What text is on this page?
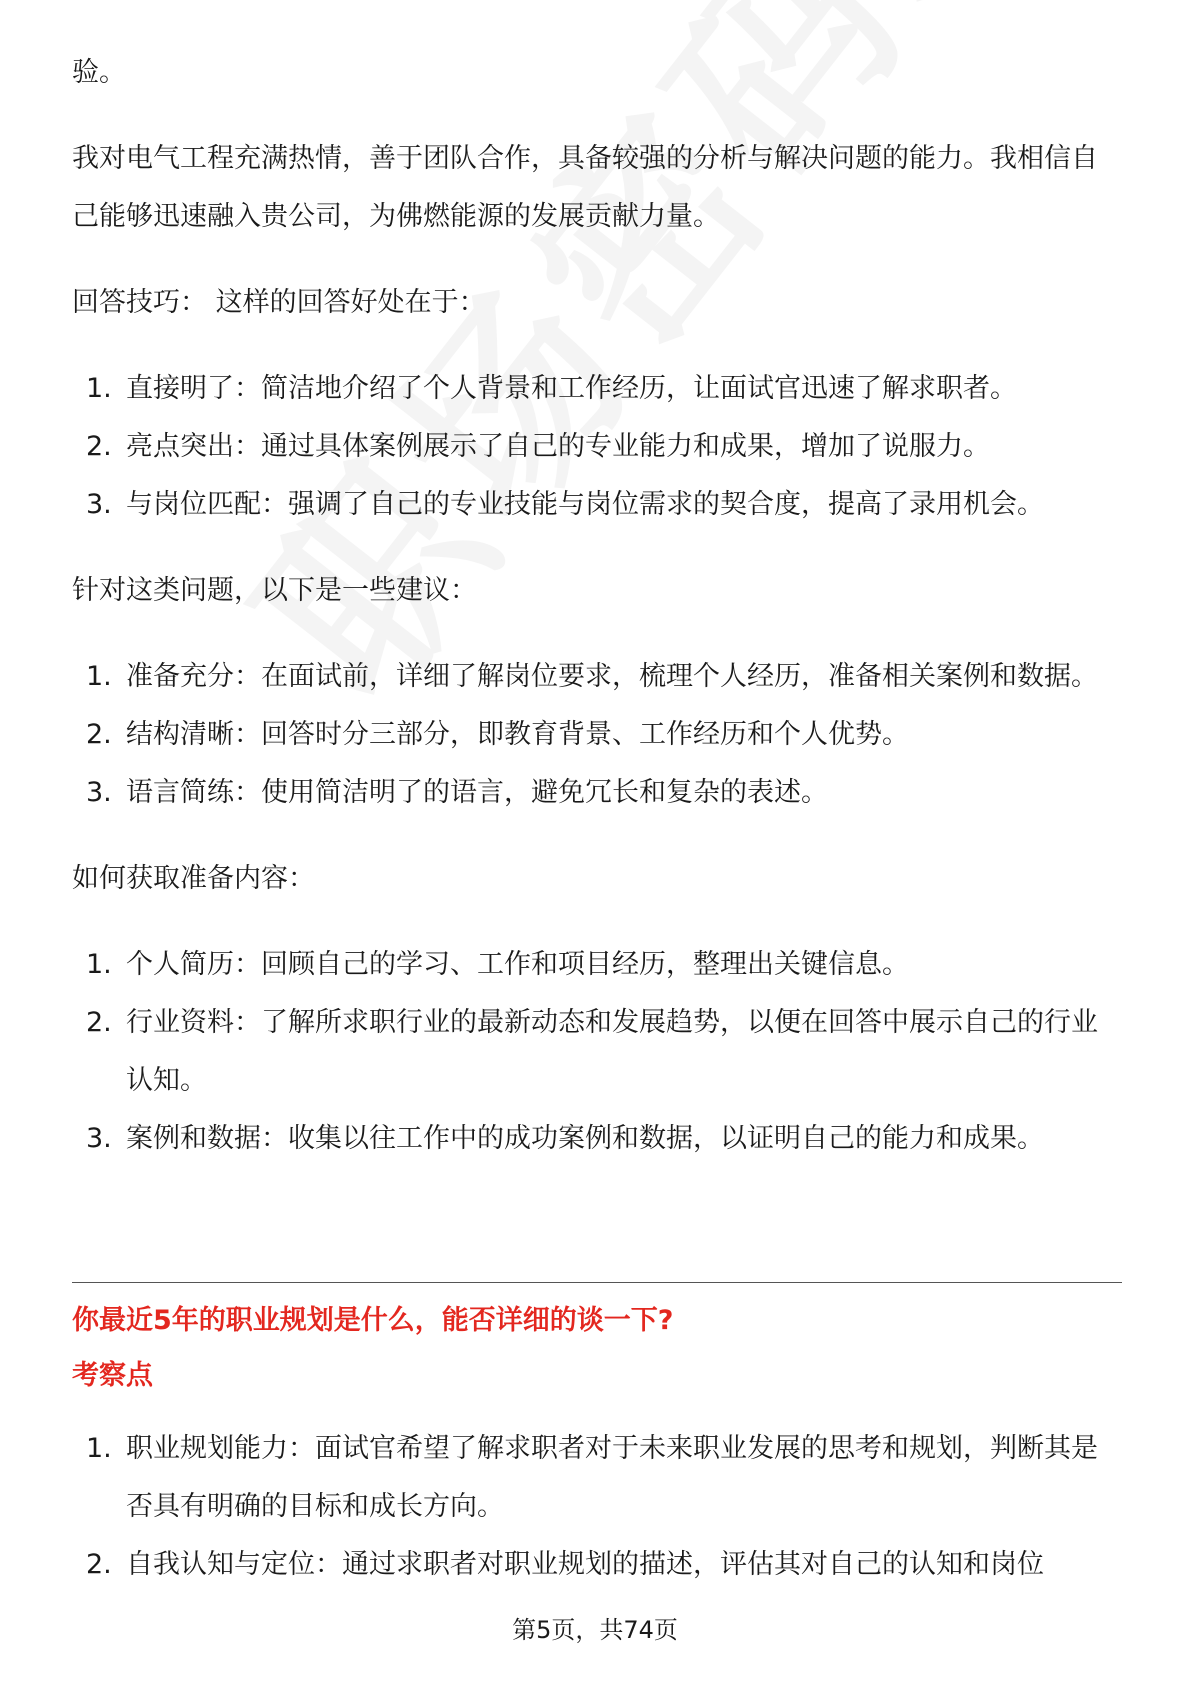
验。

我对电气工程充满热情，善于团队合作，具备较强的分析与解决问题的能力。我相信自己能够迅速融入贵公司，为佛燃能源的发展贡献力量。

回答技巧： 这样的回答好处在于：

1. 直接明了：简洁地介绍了个人背景和工作经历，让面试官迅速了解求职者。
2. 亮点突出：通过具体案例展示了自己的专业能力和成果，增加了说服力。
3. 与岗位匹配：强调了自己的专业技能与岗位需求的契合度，提高了录用机会。

针对这类问题，以下是一些建议：

1. 准备充分：在面试前，详细了解岗位要求，梳理个人经历，准备相关案例和数据。
2. 结构清晰：回答时分三部分，即教育背景、工作经历和个人优势。
3. 语言简练：使用简洁明了的语言，避免冗长和复杂的表述。

如何获取准备内容：

1. 个人简历：回顾自己的学习、工作和项目经历，整理出关键信息。
2. 行业资料：了解所求职行业的最新动态和发展趋势，以便在回答中展示自己的行业认知。
3. 案例和数据：收集以往工作中的成功案例和数据，以证明自己的能力和成果。
你最近5年的职业规划是什么，能否详细的谈一下?
考察点
1. 职业规划能力：面试官希望了解求职者对于未来职业发展的思考和规划，判断其是否具有明确的目标和成长方向。
2. 自我认知与定位：通过求职者对职业规划的描述，评估其对自己的认知和岗位
第5页，共74页
